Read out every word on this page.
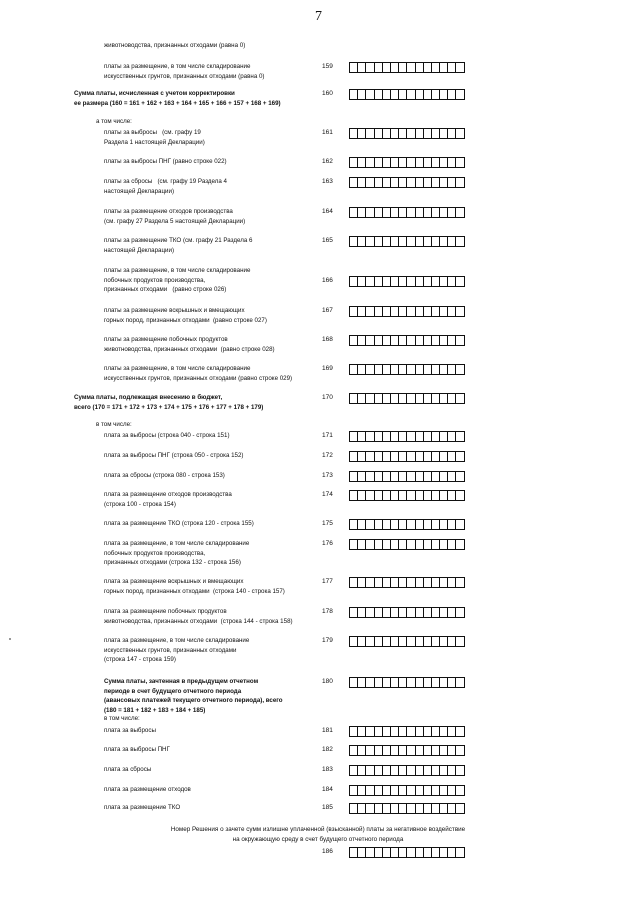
7
животноводства, признанных отходами (равна 0)
платы за размещение, в том числе складирование
искусственных грунтов, признанных отходами (равна 0)
159
Сумма платы, исчисленная с учетом корректировки
ее размера (160 = 161 + 162 + 163 + 164 + 165 + 166 + 157 + 168 + 169)
160
а том числе:
платы за выбросы   (см. графу 19
Раздела 1 настоящей Декларации)
161
платы за выбросы ПНГ (равно строке 022)	162
платы за сбросы   (см. графу 19 Раздела 4
настоящей Декларации)
163
платы за размещение отходов производства
(см. графу 27 Раздела 5 настоящей Декларации)
164
платы за размещение ТКО (см. графу 21 Раздела 6
настоящей Декларации)
165
платы за размещение, в том числе складирование
побочных продуктов производства,
признанных отходами   (равно строке 026)
166
платы за размещение вскрышных и вмещающих
горных пород, признанных отходами  (равно строке 027)
167
платы за размещение побочных продуктов
животноводства, признанных отходами  (равно строке 028)
168
платы за размещение, в том числе складирование
искусственных грунтов, признанных отходами (равно строке 029)
169
Сумма платы, подлежащая внесению в бюджет,
всего (170 = 171 + 172 + 173 + 174 + 175 + 176 + 177 + 178 + 179)
170
в том числе:
плата за выбросы (строка 040 - строка 151)	171
плата за выбросы ПНГ (строка 050 - строка 152)	172
плата за сбросы (строка 080 - строка 153)	173
плата за размещение отходов производства
(строка 100 - строка 154)
174
плата за размещение ТКО (строка 120 - строка 155)	175
плата за размещение, в том числе складирование
побочных продуктов производства,
признанных отходами (строка 132 - строка 156)
176
плата за размещение вскрышных и вмещающих
горных пород, признанных отходами  (строка 140 - строка 157)
177
плата за размещение побочных продуктов
животноводства, признанных отходами  (строка 144 - строка 158)
178
плата за размещение, в том числе складирование
искусственных грунтов, признанных отходами
(строка 147 - строка 159)
179
Сумма платы, зачтенная в предыдущем отчетном
периоде в счет будущего отчетного периода
(авансовых платежей текущего отчетного периода), всего
(180 = 181 + 182 + 183 + 184 + 185)
180
в том числе:
плата за выбросы	181
плата за выбросы ПНГ	182
плата за сбросы	183
плата за размещение отходов	184
плата за размещение ТКО	185
Номер Решения о зачете сумм излишне уплаченной (взысканной) платы за негативное воздействие
на окружающую среду в счет будущего отчетного периода
186
